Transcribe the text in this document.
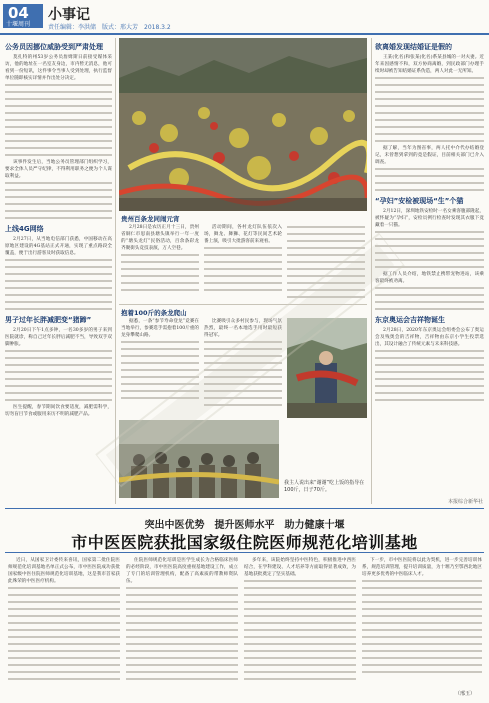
04
十堰周刊
小事记
责任编辑：李洪储　版式：邢大芳　2018.3.2
公务员因挪位威胁受到严肃处理

莫扎特的州53岁公务员詹姆斯日前接受媒体采访，他的地址在一名室友身边，市内暂无消息，他可看到一份短讯，这件事令当事人受到处理，执行监督单位随即核实详情并作出处分决定。

该事件发生后，当地公务员管理部门组织学习，要求全体人员严守纪律，不得利用职务之便为个人谋取利益。

上线4G网络

2月27日，从当地电信部门获悉，中国移动在高原地区建设的4G基站正式开通，实现了重点路段全覆盖，便于出行游客及时获取信息。

男子过年长胖减肥变“猪蹄”

2月20日下午1点多钟，一名30多岁的男子来到医院就诊，称自己过年长胖后减肥不当，导致双手双脚肿胀。

医生提醒，春节期间饮食要适度，减肥需科学，切勿盲目节食或服用来历不明的减肥产品。

贵州百条龙同闹元宵

2月28日是农历正月十三日，贵州省铜仁市思南县塘头镇举行一年一度的“塘头龙灯”民俗活动，百余条彩龙齐聚街头竞技表演，万人空巷。

活动期间，各村龙灯队伍依次入场，舞龙、舞狮、花灯等民间艺术轮番上演，吸引大批游客前来观看。

抱着100斤的条龙爬山

据悉，一条“参节寿命登龙”竞赛在当地举行，参赛选手需抱着100斤重的龙身攀爬山路。

比赛吸引众多村民参与，现场气氛热烈，最终一名本地选手用时最短获得冠军。

我主人说出来“谢谢”吃上饭的指导在100斤，日子70斤。
欲离婚发现结婚证是假的

王某(化名)和张某(化名)系某县城的一对夫妻。近年来因感情不和，双方协商离婚，到民政部门办理手续时却被告知结婚证系伪造，两人对此一无所知。

据了解，当年为图省事，两人托中介代办结婚登记，未曾想到拿到的竟是假证，目前相关部门已介入调查。

“孕妇”安检被现场“生”个猫

2月12日，深圳地铁安检时一名女乘客腹部隆起，被怀疑为“孕妇”，安检员例行检查时发现其衣服下竟藏着一只猫。

据工作人员介绍，地铁禁止携带宠物进站，该乘客最终被劝离。

东京奥运会吉祥物诞生

2月28日，2020年东京奥运会组委会公布了奥运会及残奥会的吉祥物，吉祥物由东京小学生投票选出，其设计融合了传统元素与未来科技感。

本报综合新华社
突出中医优势　提升医师水平　助力健康十堰
市中医医院获批国家级住院医师规范化培训基地

近日，从国家卫计委传来喜讯，国家第二批住院医师规范化培训基地名单正式公布，市中医医院成功获批国家级中医住院医师规范化培训基地，这是我市首家获此殊荣的中医医疗机构。

住院医师规范化培训是医学生成长为合格临床医师的必经阶段，市中医医院高度重视基地建设工作，成立了专门的培训管理机构，配备了高素质的带教师资队伍。

多年来，该院始终坚持中医特色，积极推进中西医结合，在学科建设、人才培养等方面取得显著成效，为基地获批奠定了坚实基础。

下一步，市中医医院将以此为契机，进一步完善培训体系，规范培训管理，提升培训质量，为十堰乃至鄂西北地区培养更多优秀的中医临床人才。

（邢玉）
